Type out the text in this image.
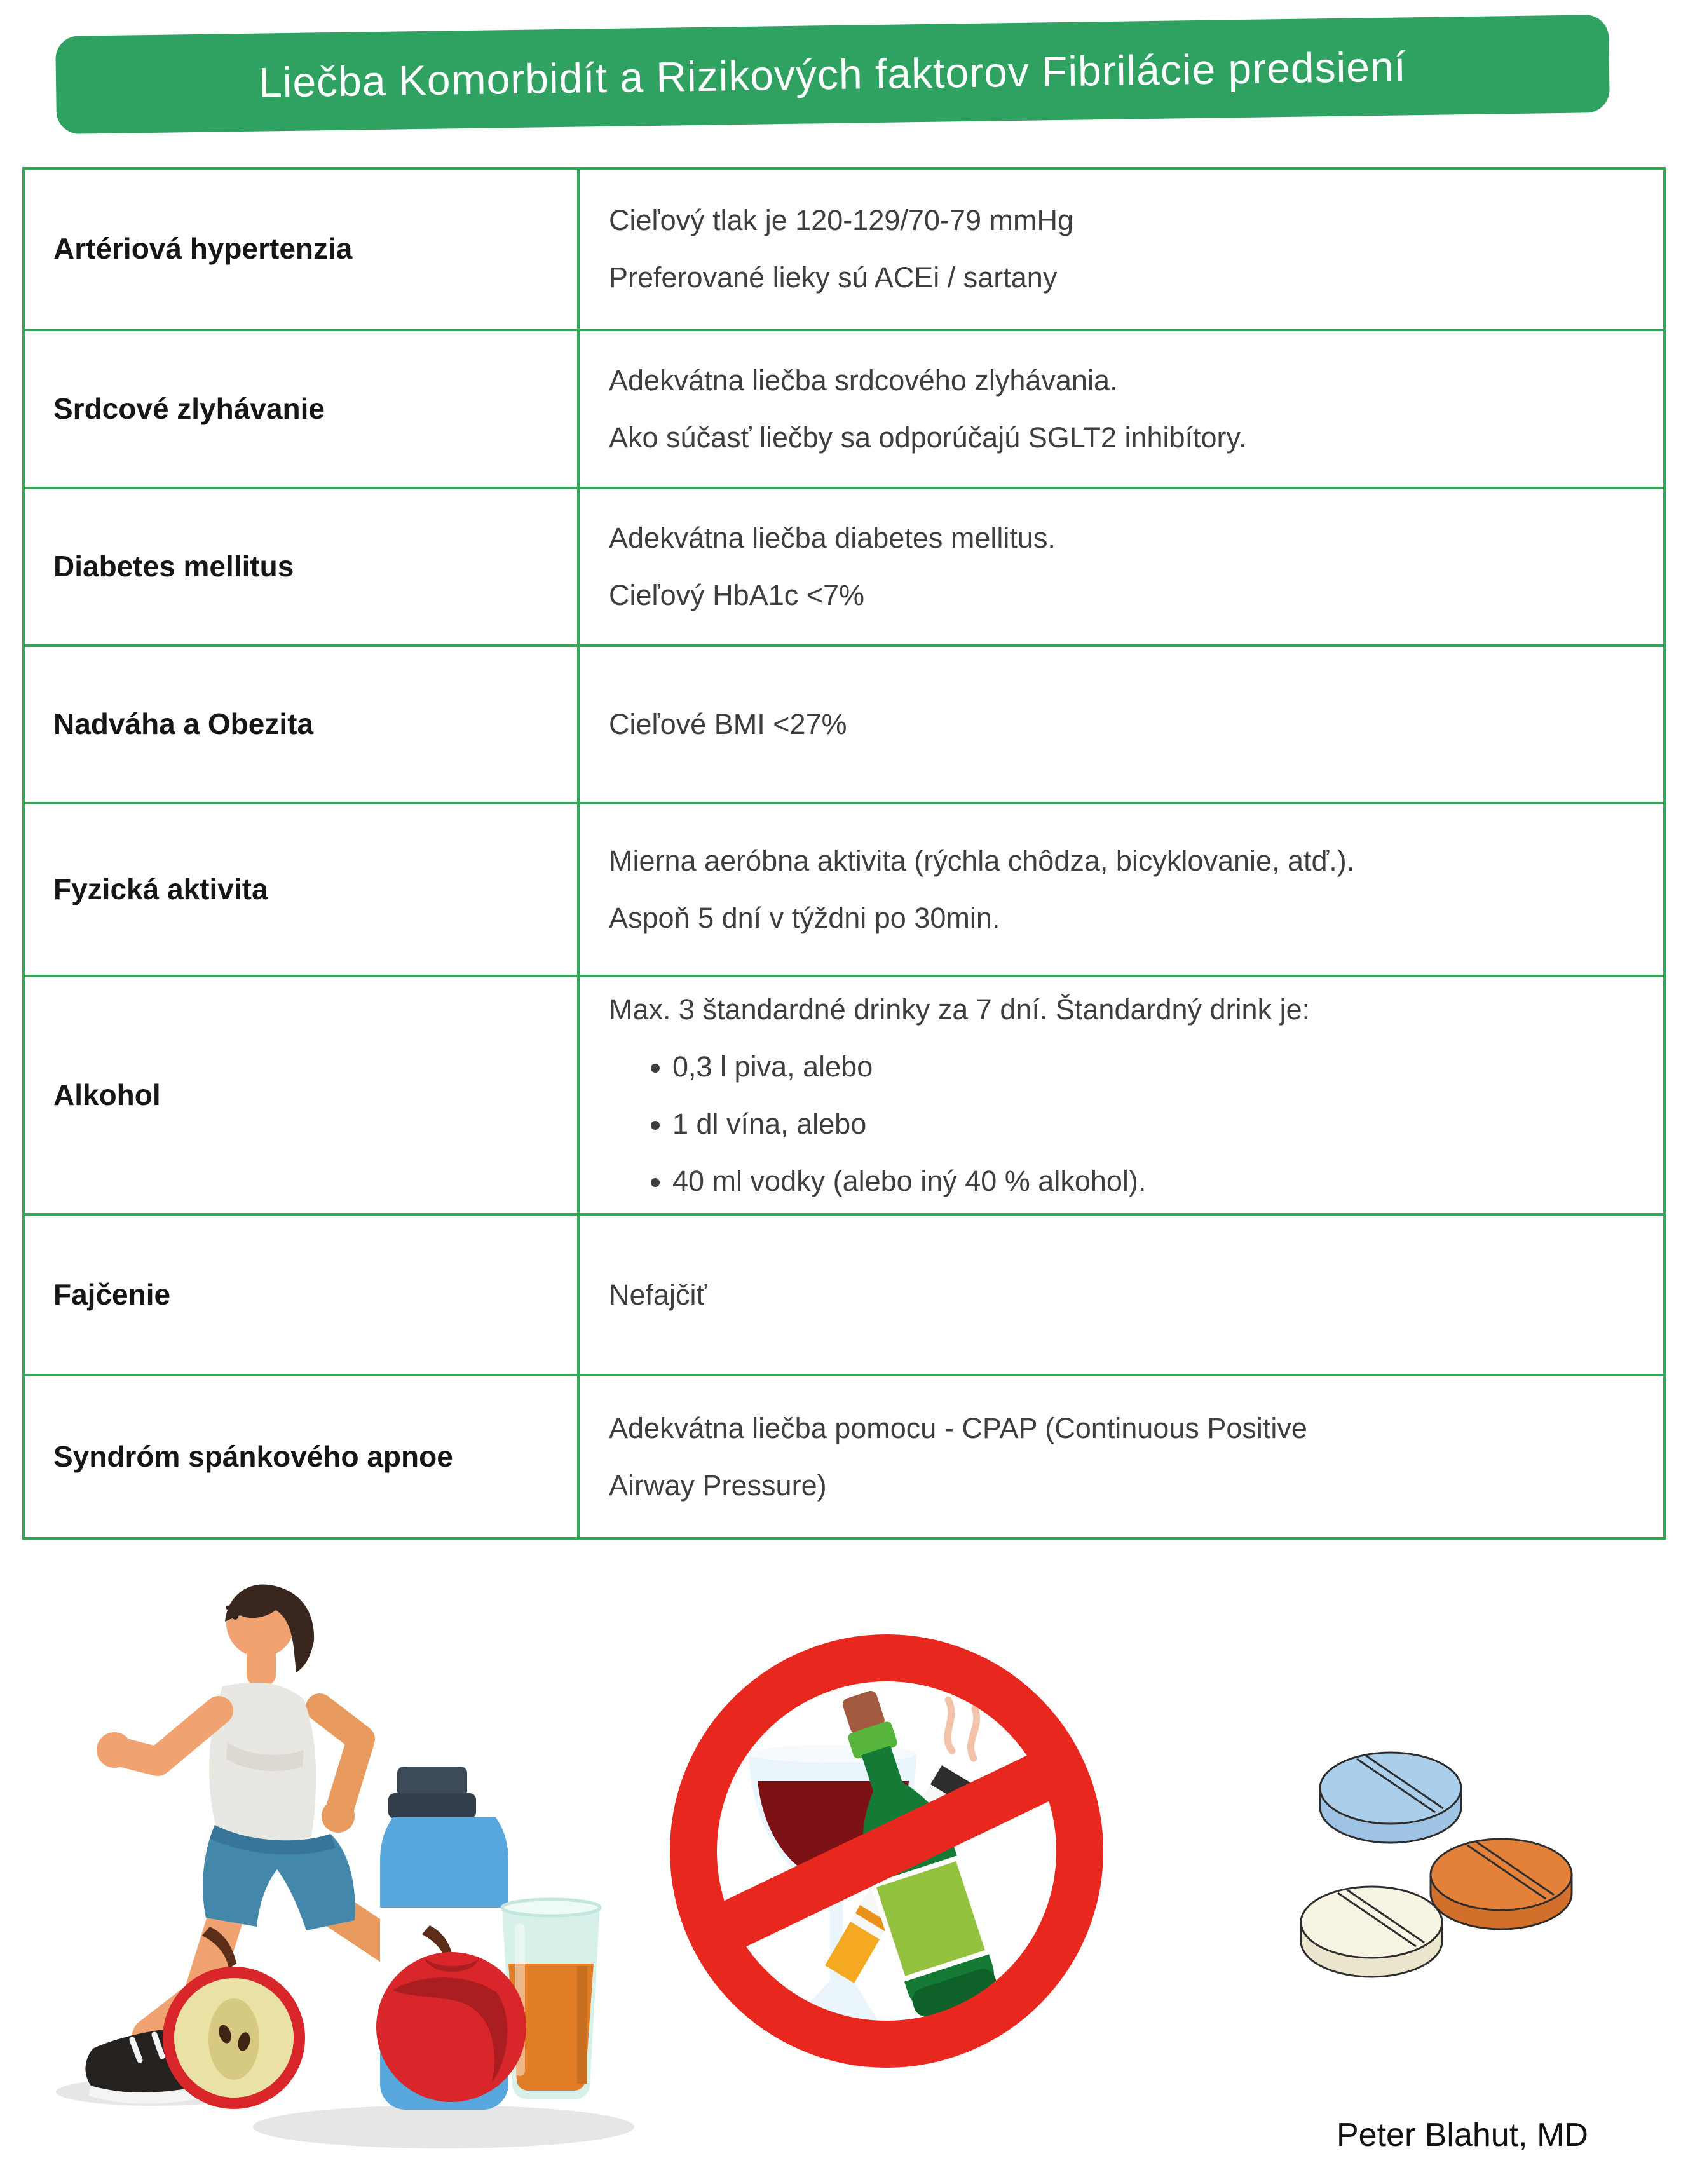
Liečba Komorbidít a Rizikových faktorov Fibrilácie predsiení
Artériová hypertenzia
Cieľový tlak je 120-129/70-79 mmHg
Preferované lieky sú ACEi / sartany
Srdcové zlyhávanie
Adekvátna liečba srdcového zlyhávania.
Ako súčasť liečby sa odporúčajú SGLT2 inhibítory.
Diabetes mellitus
Adekvátna liečba diabetes mellitus.
Cieľový HbA1c <7%
Nadváha a Obezita	Cieľové BMI <27%
Fyzická aktivita
Mierna aeróbna aktivita (rýchla chôdza, bicyklovanie, atď.).
Aspoň 5 dní v týždni po 30min.
Alkohol
Max. 3 štandardné drinky za 7 dní. Štandardný drink je:
• 0,3 l piva, alebo
• 1 dl vína, alebo
• 40 ml vodky (alebo iný 40 % alkohol).
Fajčenie	Nefajčiť
Syndróm spánkového apnoe
Adekvátna liečba pomocu - CPAP (Continuous Positive
Airway Pressure)
Peter Blahut, MD
